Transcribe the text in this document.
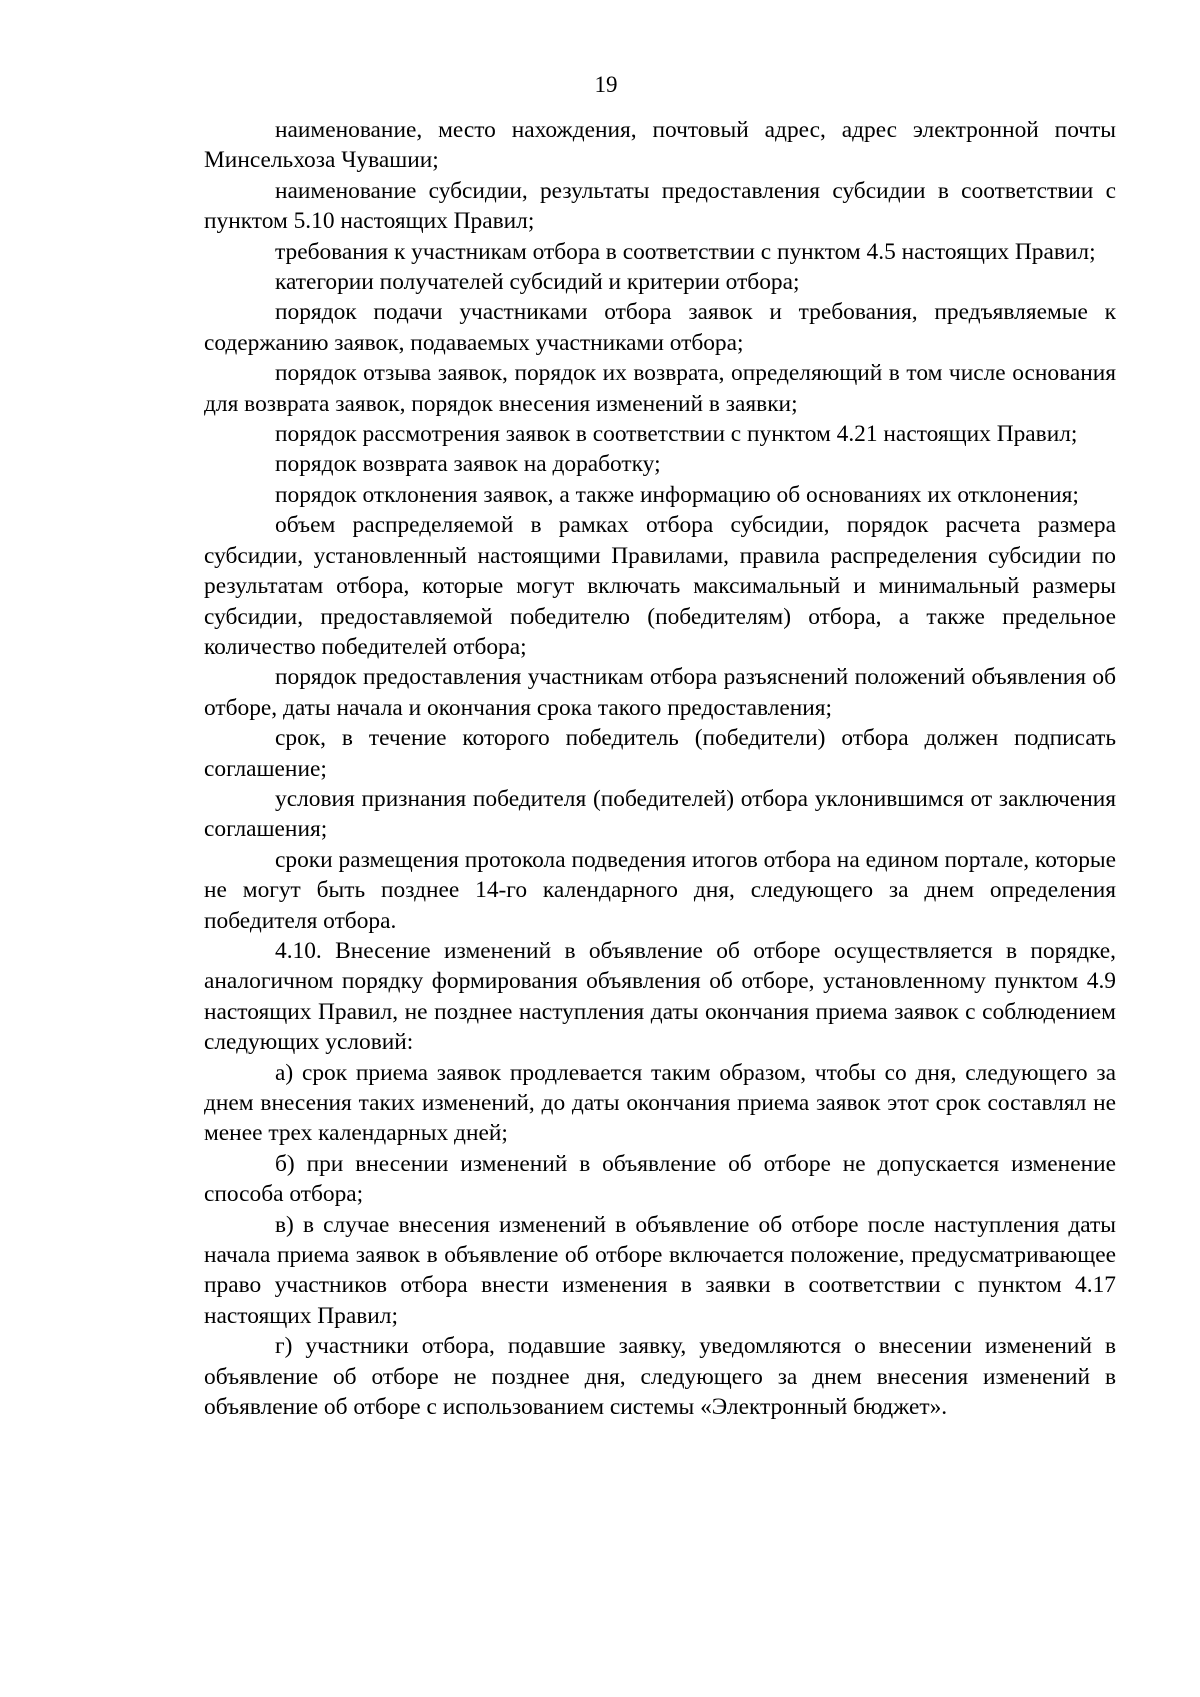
19

наименование, место нахождения, почтовый адрес, адрес электронной почты Минсельхоза Чувашии;

наименование субсидии, результаты предоставления субсидии в соответствии с пунктом 5.10 настоящих Правил;

требования к участникам отбора в соответствии с пунктом 4.5 настоящих Правил;

категории получателей субсидий и критерии отбора;

порядок подачи участниками отбора заявок и требования, предъявляемые к содержанию заявок, подаваемых участниками отбора;

порядок отзыва заявок, порядок их возврата, определяющий в том числе основания для возврата заявок, порядок внесения изменений в заявки;

порядок рассмотрения заявок в соответствии с пунктом 4.21 настоящих Правил;

порядок возврата заявок на доработку;

порядок отклонения заявок, а также информацию об основаниях их отклонения;

объем распределяемой в рамках отбора субсидии, порядок расчета размера субсидии, установленный настоящими Правилами, правила распределения субсидии по результатам отбора, которые могут включать максимальный и минимальный размеры субсидии, предоставляемой победителю (победителям) отбора, а также предельное количество победителей отбора;

порядок предоставления участникам отбора разъяснений положений объявления об отборе, даты начала и окончания срока такого предоставления;

срок, в течение которого победитель (победители) отбора должен подписать соглашение;

условия признания победителя (победителей) отбора уклонившимся от заключения соглашения;

сроки размещения протокола подведения итогов отбора на едином портале, которые не могут быть позднее 14-го календарного дня, следующего за днем определения победителя отбора.

4.10. Внесение изменений в объявление об отборе осуществляется в порядке, аналогичном порядку формирования объявления об отборе, установленному пунктом 4.9 настоящих Правил, не позднее наступления даты окончания приема заявок с соблюдением следующих условий:

а) срок приема заявок продлевается таким образом, чтобы со дня, следующего за днем внесения таких изменений, до даты окончания приема заявок этот срок составлял не менее трех календарных дней;

б) при внесении изменений в объявление об отборе не допускается изменение способа отбора;

в) в случае внесения изменений в объявление об отборе после наступления даты начала приема заявок в объявление об отборе включается положение, предусматривающее право участников отбора внести изменения в заявки в соответствии с пунктом 4.17 настоящих Правил;

г) участники отбора, подавшие заявку, уведомляются о внесении изменений в объявление об отборе не позднее дня, следующего за днем внесения изменений в объявление об отборе с использованием системы «Электронный бюджет».
